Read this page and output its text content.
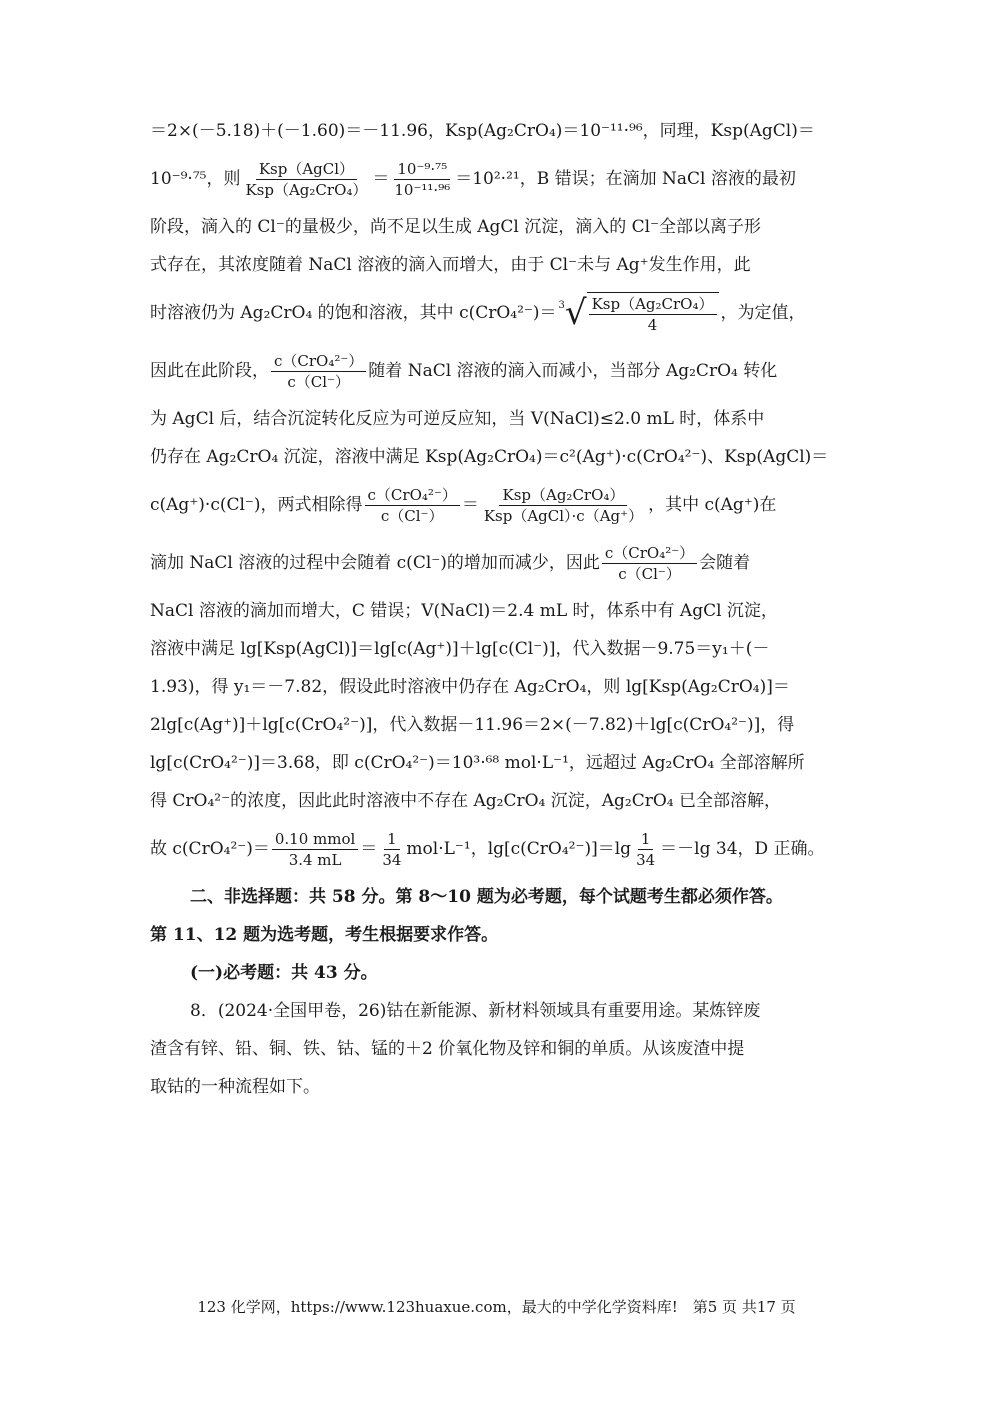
＝2×(－5.18)＋(－1.60)＝－11.96，Ksp(Ag₂CrO₄)＝10⁻¹¹·⁹⁶，同理，Ksp(AgCl)＝
10⁻⁹·⁷⁵，则 $\frac{\text{Ksp（AgCl）}}{\text{Ksp（Ag₂CrO₄）}} = \frac{\text{10⁻⁹·⁷⁵}}{\text{10⁻¹¹·⁹⁶}} =10^2\cdot^{21}$，B 错误；在滴加 NaCl 溶液的最初
阶段，滴入的 Cl⁻的量极少，尚不足以生成 AgCl 沉淀，滴入的 Cl⁻全部以离子形
式存在，其浓度随着 NaCl 溶液的滴入而增大，由于 Cl⁻未与 Ag⁺发生作用，此
时溶液仍为 Ag₂CrO₄ 的饱和溶液，其中 c(CrO₄²⁻)＝ 3 √ $\frac{\text{Ksp（Ag₂CrO₄）}}{4}$ ，为定值，
因此在此阶段， $\frac{\text{c（CrO₄²⁻）}}{c(Cl^-)}$ 随着 NaCl 溶液的滴入而减小，当部分 Ag₂CrO₄ 转化
为 AgCl 后，结合沉淀转化反应为可逆反应知，当 V(NaCl)≤2.0 mL 时，体系中
仍存在 Ag₂CrO₄ 沉淀，溶液中满足 Ksp(Ag₂CrO₄)＝c²(Ag⁺)·c(CrO₄²⁻)、Ksp(AgCl)＝
c(Ag⁺)·c(Cl⁻)，两式相除得 $\frac{\text{c（CrO₄²⁻）}}{c(Cl^-)} = \frac{\text{Ksp（Ag₂CrO₄）}}{\text{Ksp（AgCl）·c（Ag⁺）}}$ ，其中 c(Ag⁺)在
滴加 NaCl 溶液的过程中会随着 c(Cl⁻)的增加而减少，因此 $\frac{\text{c（CrO₄²⁻）}}{c(Cl^-)}$ 会随着
NaCl 溶液的滴加而增大，C 错误；V(NaCl)＝2.4 mL 时，体系中有 AgCl 沉淀，
溶液中满足 lg[Ksp(AgCl)]＝lg[c(Ag⁺)]＋lg[c(Cl⁻)]，代入数据－9.75＝y₁＋(－
1.93)，得 y₁＝－7.82，假设此时溶液中仍存在 Ag₂CrO₄，则 lg[Ksp(Ag₂CrO₄)]＝
2lg[c(Ag⁺)]＋lg[c(CrO₄²⁻)]，代入数据－11.96＝2×(－7.82)＋lg[c(CrO₄²⁻)]，得
lg[c(CrO₄²⁻)]＝3.68，即 c(CrO₄²⁻)＝10³·⁶⁸ mol·L⁻¹，远超过 Ag₂CrO₄ 全部溶解所
得 CrO₄²⁻的浓度，因此此时溶液中不存在 Ag₂CrO₄ 沉淀，Ag₂CrO₄ 已全部溶解，
故 $c(CrO_4^{2-})= \frac{\text{0.10 mmol}}{3.4 mL} = \frac{1}{34} mol\cdot L^{-1}$，$\lg[c(CrO_4^{2-})]=\lg \frac{1}{34} =-\lg$ 34，D 正确。
二、非选择题：共 58 分。第 8～10 题为必考题，每个试题考生都必须作答。
第 11、12 题为选考题，考生根据要求作答。
(一)必考题：共 43 分。
8．(2024·全国甲卷，26)钴在新能源、新材料领域具有重要用途。某炼锌废
渣含有锌、铅、铜、铁、钴、锰的＋2 价氧化物及锌和铜的单质。从该废渣中提
取钴的一种流程如下。
123 化学网，https://www.123huaxue.com，最大的中学化学资料库!　第5 页 共17 页
